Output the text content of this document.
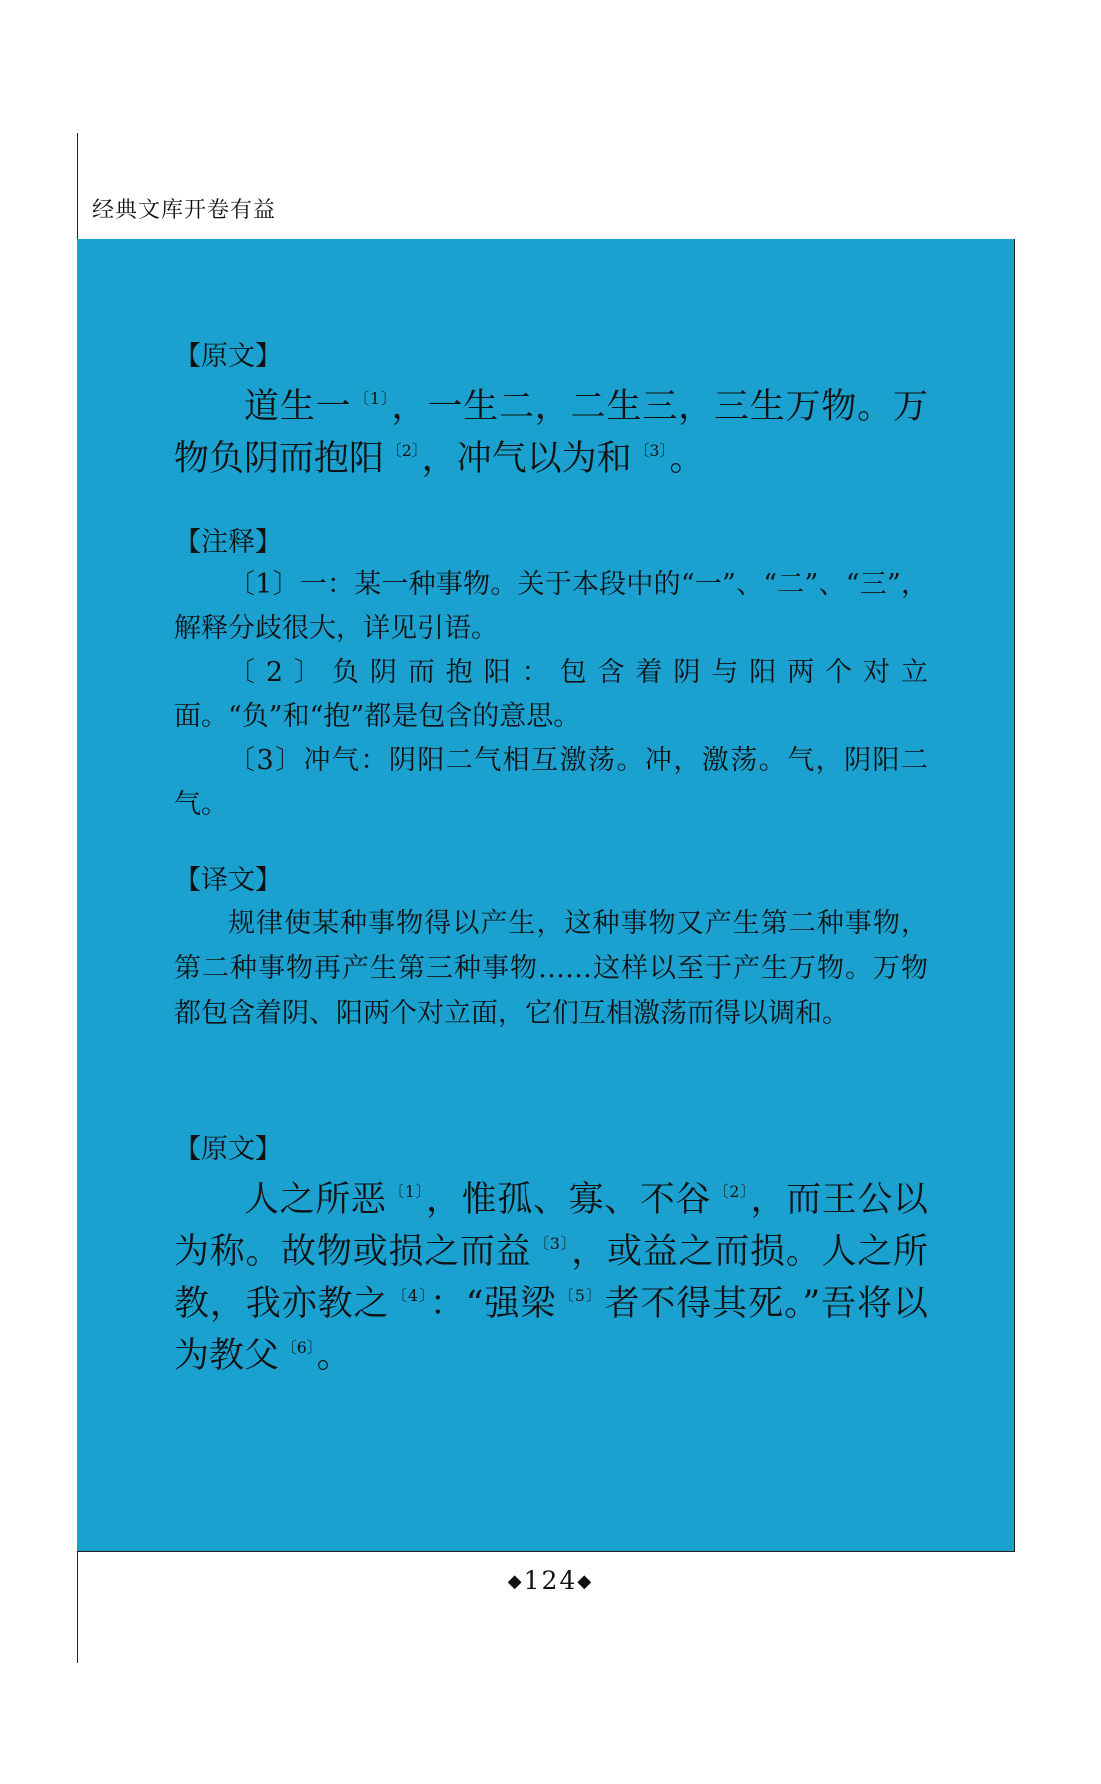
经典文库开卷有益
【原文】

道生一 $^{〔1〕}$，一生二，二生三，三生万物。万物负阴而抱阳 $^{〔2〕}$，冲气以为和 $^{〔3〕}$。

【注释】

〔1〕一：某一种事物。关于本段中的“一”、“二”、“三”，解释分歧很大，详见引语。

〔2〕负阴而抱阳：包含着阴与阳两个对立面。“负”和“抱”都是包含的意思。

〔3〕冲气：阴阳二气相互激荡。冲，激荡。气，阴阳二气。

【译文】

规律使某种事物得以产生，这种事物又产生第二种事物，第二种事物再产生第三种事物……这样以至于产生万物。万物都包含着阴、阳两个对立面，它们互相激荡而得以调和。

【原文】

人之所恶 $^{〔1〕}$，惟孤、寡、不谷 $^{〔2〕}$，而王公以为称。故物或损之而益 $^{〔3〕}$，或益之而损。人之所教，我亦教之 $^{〔4〕}$：“强梁 $^{〔5〕}$者不得其死。”吾将以为教父 $^{〔6〕}$。

◆124◆
